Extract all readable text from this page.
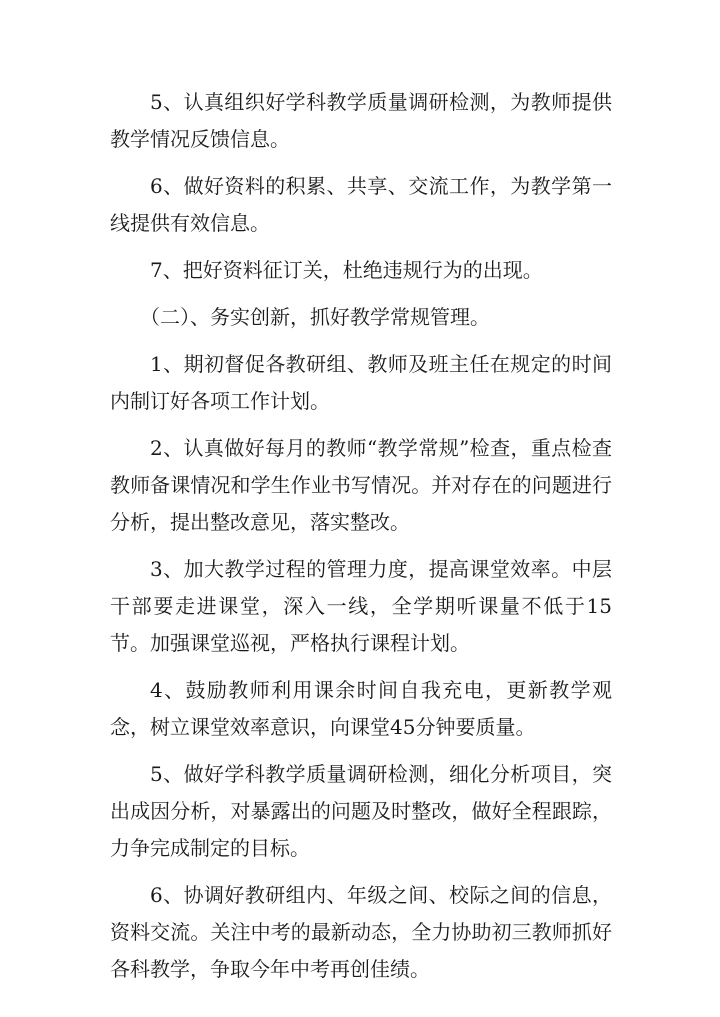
5、认真组织好学科教学质量调研检测，为教师提供教学情况反馈信息。

6、做好资料的积累、共享、交流工作，为教学第一线提供有效信息。

7、把好资料征订关，杜绝违规行为的出现。

（二）、务实创新，抓好教学常规管理。

1、期初督促各教研组、教师及班主任在规定的时间内制订好各项工作计划。

2、认真做好每月的教师“教学常规”检查，重点检查教师备课情况和学生作业书写情况。并对存在的问题进行分析，提出整改意见，落实整改。

3、加大教学过程的管理力度，提高课堂效率。中层干部要走进课堂，深入一线，全学期听课量不低于15节。加强课堂巡视，严格执行课程计划。

4、鼓励教师利用课余时间自我充电，更新教学观念，树立课堂效率意识，向课堂45分钟要质量。

5、做好学科教学质量调研检测，细化分析项目，突出成因分析，对暴露出的问题及时整改，做好全程跟踪，力争完成制定的目标。

6、协调好教研组内、年级之间、校际之间的信息，资料交流。关注中考的最新动态，全力协助初三教师抓好各科教学，争取今年中考再创佳绩。
